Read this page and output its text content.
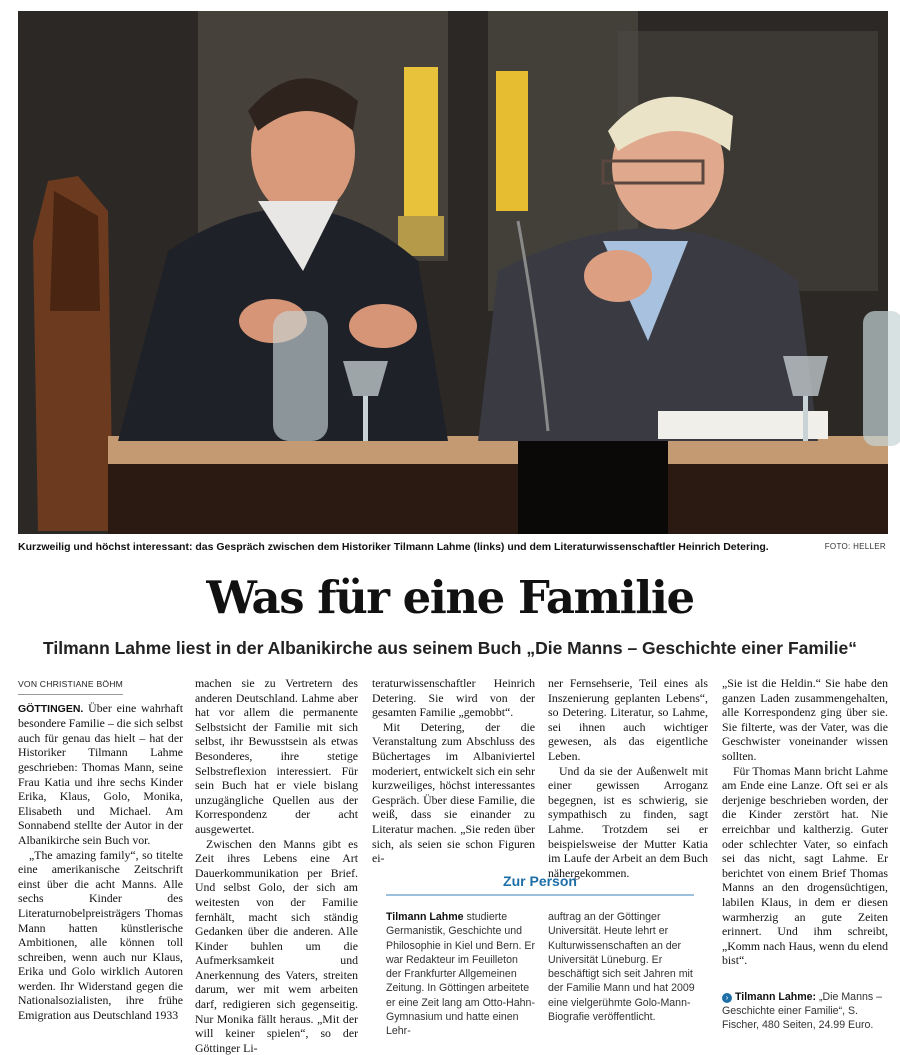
Kurzweilig und höchst interessant: das Gespräch zwischen dem Historiker Tilmann Lahme (links) und dem Literaturwissenschaftler Heinrich Detering.	FOTO: HELLER
Was für eine Familie
Tilmann Lahme liest in der Albanikirche aus seinem Buch „Die Manns – Geschichte einer Familie“
VON CHRISTIANE BÖHM

GÖTTINGEN. Über eine wahrhaft besondere Familie – die sich selbst auch für genau das hielt – hat der Historiker Tilmann Lahme geschrieben: Thomas Mann, seine Frau Katia und ihre sechs Kinder Erika, Klaus, Golo, Monika, Elisabeth und Michael. Am Sonnabend stellte der Autor in der Albanikirche sein Buch vor.

„The amazing family“, so titelte eine amerikanische Zeitschrift einst über die acht Manns. Alle sechs Kinder des Literaturnobelpreisträgers Thomas Mann hatten künstlerische Ambitionen, alle können toll schreiben, wenn auch nur Klaus, Erika und Golo wirklich Autoren werden. Ihr Widerstand gegen die Nationalsozialisten, ihre frühe Emigration aus Deutschland 1933

machen sie zu Vertretern des anderen Deutschland. Lahme aber hat vor allem die permanente Selbstsicht der Familie mit sich selbst, ihr Bewusstsein als etwas Besonderes, ihre stetige Selbstreflexion interessiert. Für sein Buch hat er viele bislang unzugängliche Quellen aus der Korrespondenz der acht ausgewertet.

Zwischen den Manns gibt es Zeit ihres Lebens eine Art Dauerkommunikation per Brief. Und selbst Golo, der sich am weitesten von der Familie fernhält, macht sich ständig Gedanken über die anderen. Alle Kinder buhlen um die Aufmerksamkeit und Anerkennung des Vaters, streiten darum, wer mit wem arbeiten darf, redigieren sich gegenseitig. Nur Monika fällt heraus. „Mit der will keiner spielen“, so der Göttinger Li-

teraturwissenschaftler Heinrich Detering. Sie wird von der gesamten Familie „gemobbt“.

Mit Detering, der die Veranstaltung zum Abschluss des Büchertages im Albaniviertel moderiert, entwickelt sich ein sehr kurzweiliges, höchst interessantes Gespräch. Über diese Familie, die weiß, dass sie einander zu Literatur machen. „Sie reden über sich, als seien sie schon Figuren ei-

ner Fernsehserie, Teil eines als Inszenierung geplanten Lebens“, so Detering. Literatur, so Lahme, sei ihnen auch wichtiger gewesen, als das eigentliche Leben.

Und da sie der Außenwelt mit einer gewissen Arroganz begegnen, ist es schwierig, sie sympathisch zu finden, sagt Lahme. Trotzdem sei er beispielsweise der Mutter Katia im Laufe der Arbeit an dem Buch nähergekommen.

„Sie ist die Heldin.“ Sie habe den ganzen Laden zusammengehalten, alle Korrespondenz ging über sie. Sie filterte, was der Vater, was die Geschwister voneinander wissen sollten.

Für Thomas Mann bricht Lahme am Ende eine Lanze. Oft sei er als derjenige beschrieben worden, der die Kinder zerstört hat. Nie erreichbar und kaltherzig. Guter oder schlechter Vater, so einfach sei das nicht, sagt Lahme. Er berichtet von einem Brief Thomas Manns an den drogensüchtigen, labilen Klaus, in dem er diesen warmherzig an gute Zeiten erinnert. Und ihm schreibt, „Komm nach Haus, wenn du elend bist“.

Zur Person
Tilmann Lahme studierte Germanistik, Geschichte und Philosophie in Kiel und Bern. Er war Redakteur im Feuilleton der Frankfurter Allgemeinen Zeitung. In Göttingen arbeitete er eine Zeit lang am Otto-Hahn-Gymnasium und hatte einen Lehr-
auftrag an der Göttinger Universität. Heute lehrt er Kulturwissenschaften an der Universität Lüneburg. Er beschäftigt sich seit Jahren mit der Familie Mann und hat 2009 eine vielgerühmte Golo-Mann-Biografie veröffentlicht.
› Tilmann Lahme: „Die Manns – Geschichte einer Familie“, S. Fischer, 480 Seiten, 24.99 Euro.
